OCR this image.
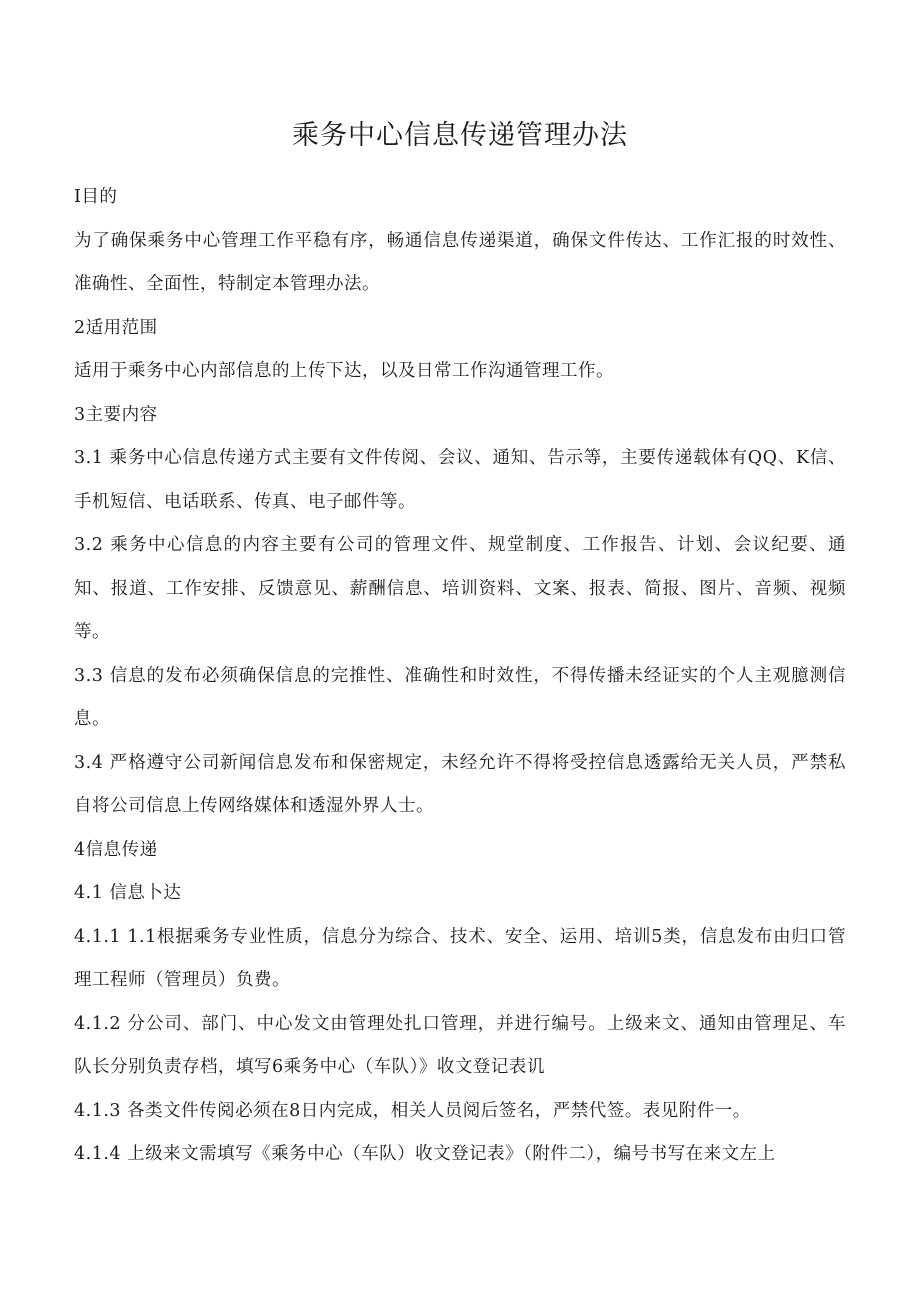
乘务中心信息传递管理办法

I目的

为了确保乘务中心管理工作平稳有序，畅通信息传递渠道，确保文件传达、工作汇报的时效性、准确性、全面性，特制定本管理办法。

2适用范围

适用于乘务中心内部信息的上传下达，以及日常工作沟通管理工作。

3主要内容

3.1 乘务中心信息传递方式主要有文件传阅、会议、通知、告示等，主要传递载体有QQ、K信、手机短信、电话联系、传真、电子邮件等。

3.2 乘务中心信息的内容主要有公司的管理文件、规堂制度、工作报告、计划、会议纪要、通知、报道、工作安排、反馈意见、薪酬信息、培训资料、文案、报表、简报、图片、音频、视频等。

3.3 信息的发布必须确保信息的完推性、准确性和时效性，不得传播未经证实的个人主观臆测信息。

3.4 严格遵守公司新闻信息发布和保密规定，未经允许不得将受控信息透露给无关人员，严禁私自将公司信息上传网络媒体和透湿外界人士。

4信息传递

4.1 信息卜达

4.1.1 1.1根据乘务专业性质，信息分为综合、技术、安全、运用、培训5类，信息发布由归口管理工程师（管理员）负费。

4.1.2 分公司、部门、中心发文由管理处扎口管理，并进行编号。上级来文、通知由管理足、车队长分别负责存档，填写6乘务中心（车队）》收文登记表讥

4.1.3 各类文件传阅必须在8日内完成，相关人员阅后签名，严禁代签。表见附件一。

4.1.4 上级来文需填写《乘务中心（车队）收文登记表》（附件二），编号书写在来文左上
